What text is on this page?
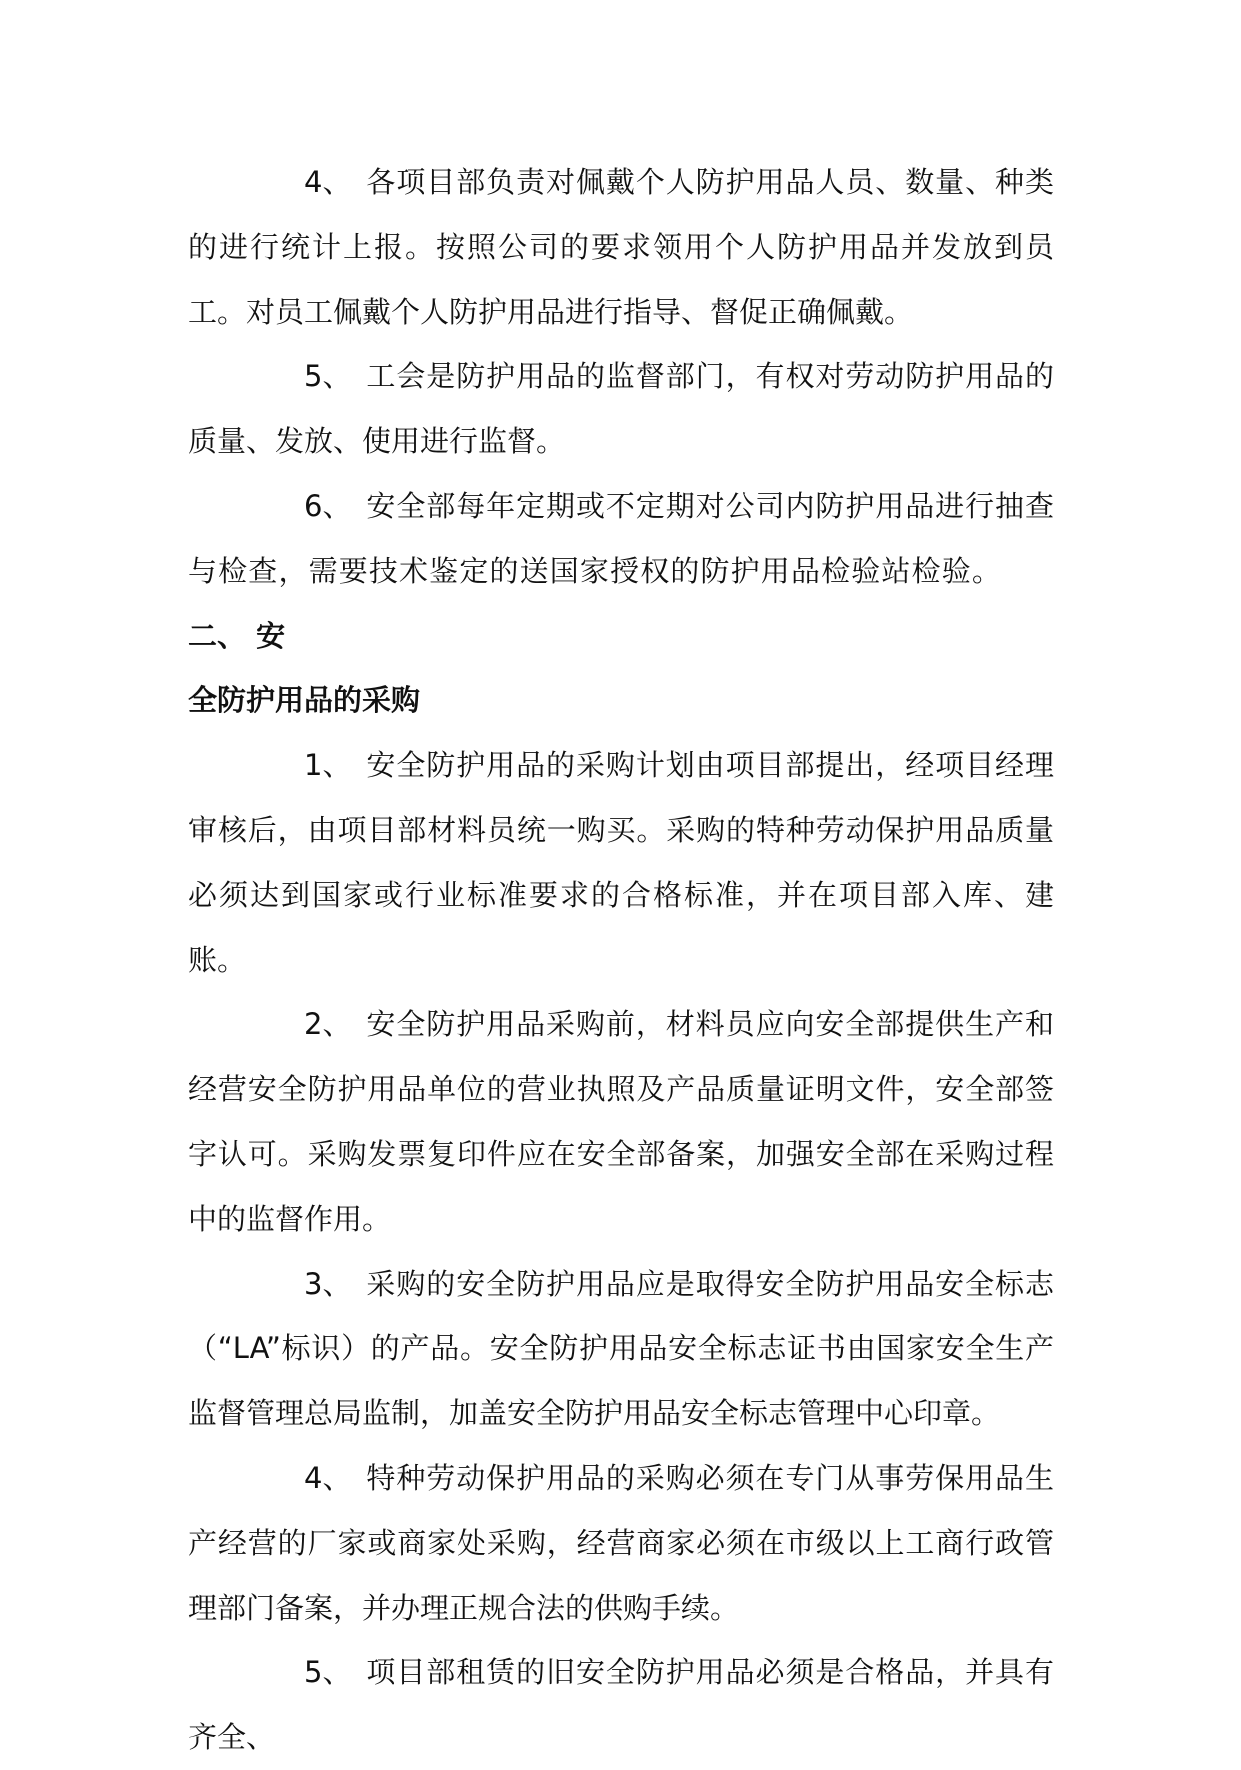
4、 各项目部负责对佩戴个人防护用品人员、数量、种类的进行统计上报。按照公司的要求领用个人防护用品并发放到员工。对员工佩戴个人防护用品进行指导、督促正确佩戴。

5、 工会是防护用品的监督部门，有权对劳动防护用品的质量、发放、使用进行监督。

6、 安全部每年定期或不定期对公司内防护用品进行抽查与检查，需要技术鉴定的送国家授权的防护用品检验站检验。二、 安

全防护用品的采购

1、 安全防护用品的采购计划由项目部提出，经项目经理审核后，由项目部材料员统一购买。采购的特种劳动保护用品质量必须达到国家或行业标准要求的合格标准，并在项目部入库、建账。

2、 安全防护用品采购前，材料员应向安全部提供生产和经营安全防护用品单位的营业执照及产品质量证明文件，安全部签字认可。采购发票复印件应在安全部备案，加强安全部在采购过程中的监督作用。

3、 采购的安全防护用品应是取得安全防护用品安全标志（“LA”标识）的产品。安全防护用品安全标志证书由国家安全生产监督管理总局监制，加盖安全防护用品安全标志管理中心印章。

4、 特种劳动保护用品的采购必须在专门从事劳保用品生产经营的厂家或商家处采购，经营商家必须在市级以上工商行政管理部门备案，并办理正规合法的供购手续。

5、 项目部租赁的旧安全防护用品必须是合格品，并具有齐全、
